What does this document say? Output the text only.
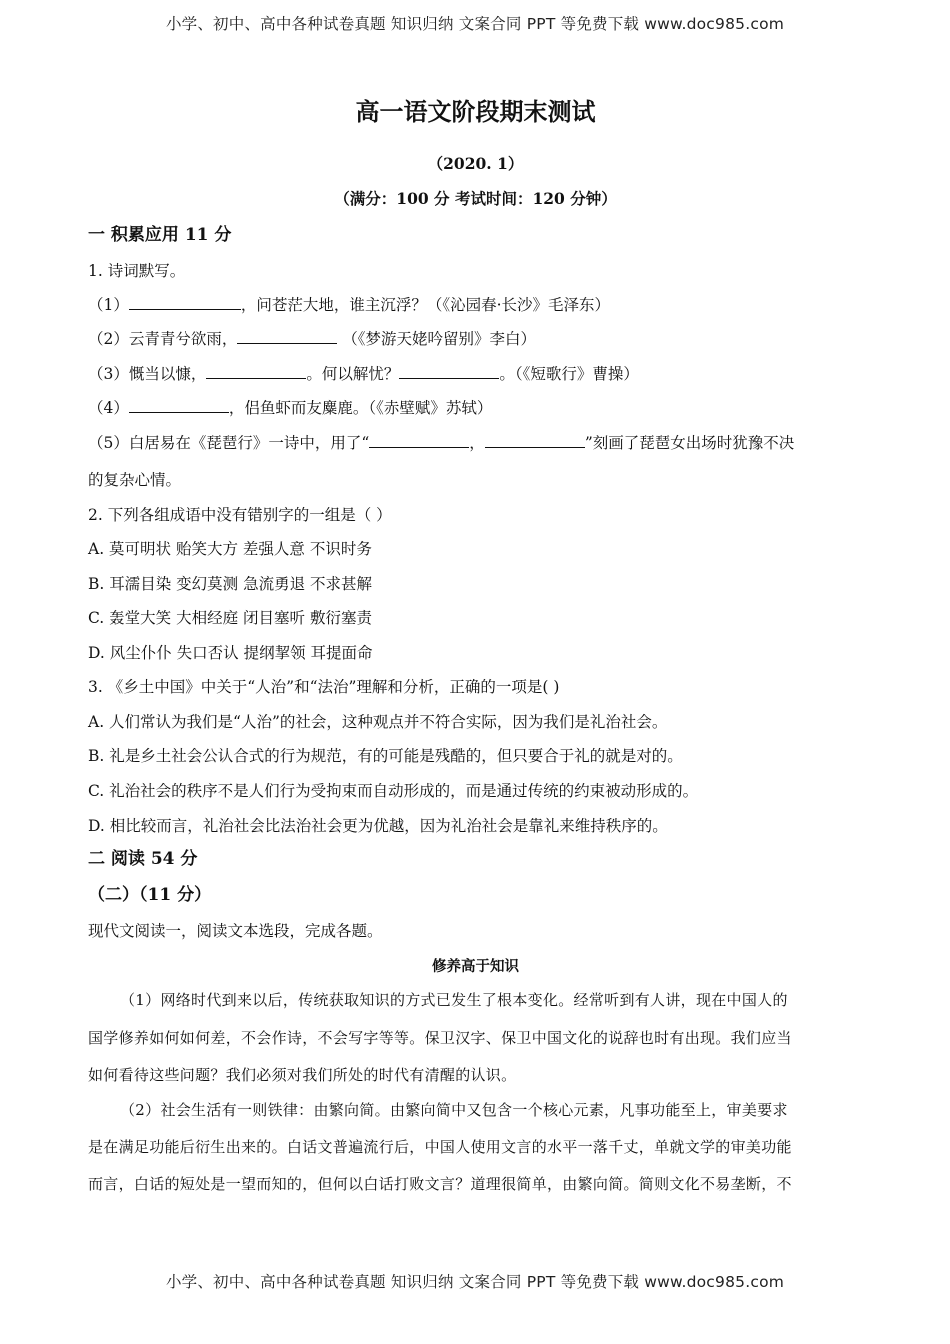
小学、初中、高中各种试卷真题 知识归纳 文案合同 PPT 等免费下载 www.doc985.com
高一语文阶段期末测试
（2020. 1）
（满分：100 分 考试时间：120 分钟）
一 积累应用 11 分
1. 诗词默写。
（1）	，问苍茫大地，谁主沉浮？（《沁园春·长沙》毛泽东）
（2）云青青兮欲雨，	（《梦游天姥吟留别》李白）
（3）慨当以慷，	。何以解忧？	。（《短歌行》曹操）
（4）	，侣鱼虾而友麋鹿。（《赤壁赋》苏轼）
（5）白居易在《琵琶行》一诗中，用了“	，	”刻画了琵琶女出场时犹豫不决
的复杂心情。
2. 下列各组成语中没有错别字的一组是（ ）
A. 莫可明状 贻笑大方 差强人意 不识时务
B. 耳濡目染 变幻莫测 急流勇退 不求甚解
C. 轰堂大笑 大相经庭 闭目塞听 敷衍塞责
D. 风尘仆仆 失口否认 提纲挈领 耳提面命
3. 《乡土中国》中关于“人治”和“法治”理解和分析，正确的一项是( )
A. 人们常认为我们是“人治”的社会，这种观点并不符合实际，因为我们是礼治社会。
B. 礼是乡土社会公认合式的行为规范，有的可能是残酷的，但只要合于礼的就是对的。
C. 礼治社会的秩序不是人们行为受拘束而自动形成的，而是通过传统的约束被动形成的。
D. 相比较而言，礼治社会比法治社会更为优越，因为礼治社会是靠礼来维持秩序的。
二 阅读 54 分
（二）（11 分）
现代文阅读一，阅读文本选段，完成各题。
修养高于知识
（1）网络时代到来以后，传统获取知识的方式已发生了根本变化。经常听到有人讲，现在中国人的
国学修养如何如何差，不会作诗，不会写字等等。保卫汉字、保卫中国文化的说辞也时有出现。我们应当
如何看待这些问题？我们必须对我们所处的时代有清醒的认识。
（2）社会生活有一则铁律：由繁向简。由繁向简中又包含一个核心元素，凡事功能至上，审美要求
是在满足功能后衍生出来的。白话文普遍流行后，中国人使用文言的水平一落千丈，单就文学的审美功能
而言，白话的短处是一望而知的，但何以白话打败文言？道理很简单，由繁向简。简则文化不易垄断，不
小学、初中、高中各种试卷真题 知识归纳 文案合同 PPT 等免费下载 www.doc985.com
